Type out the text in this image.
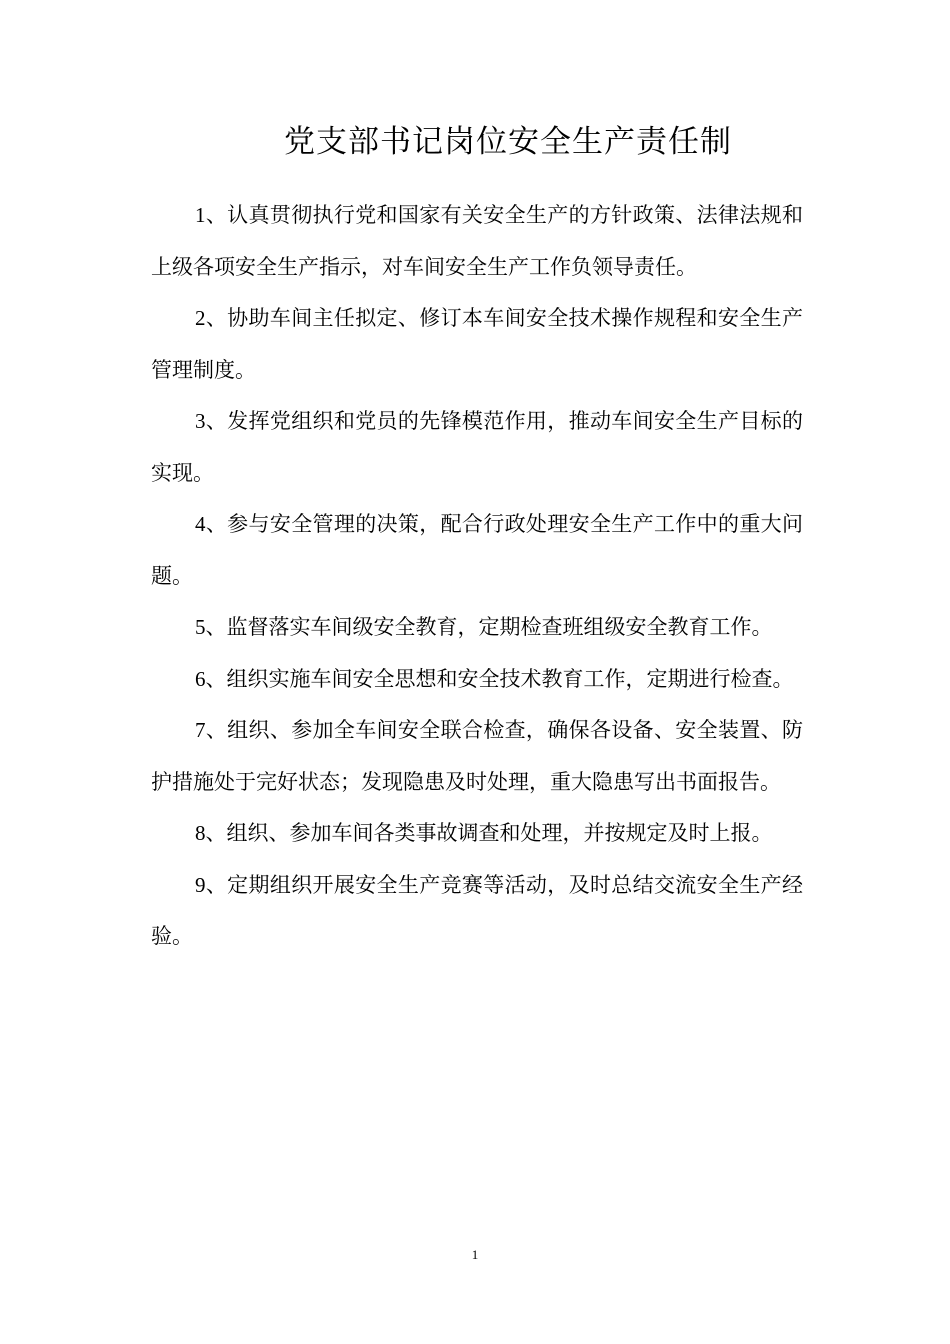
党支部书记岗位安全生产责任制

1、认真贯彻执行党和国家有关安全生产的方针政策、法律法规和上级各项安全生产指示，对车间安全生产工作负领导责任。

2、协助车间主任拟定、修订本车间安全技术操作规程和安全生产管理制度。

3、发挥党组织和党员的先锋模范作用，推动车间安全生产目标的实现。

4、参与安全管理的决策，配合行政处理安全生产工作中的重大问题。

5、监督落实车间级安全教育，定期检查班组级安全教育工作。

6、组织实施车间安全思想和安全技术教育工作，定期进行检查。

7、组织、参加全车间安全联合检查，确保各设备、安全装置、防护措施处于完好状态；发现隐患及时处理，重大隐患写出书面报告。

8、组织、参加车间各类事故调查和处理，并按规定及时上报。

9、定期组织开展安全生产竞赛等活动，及时总结交流安全生产经验。

1
